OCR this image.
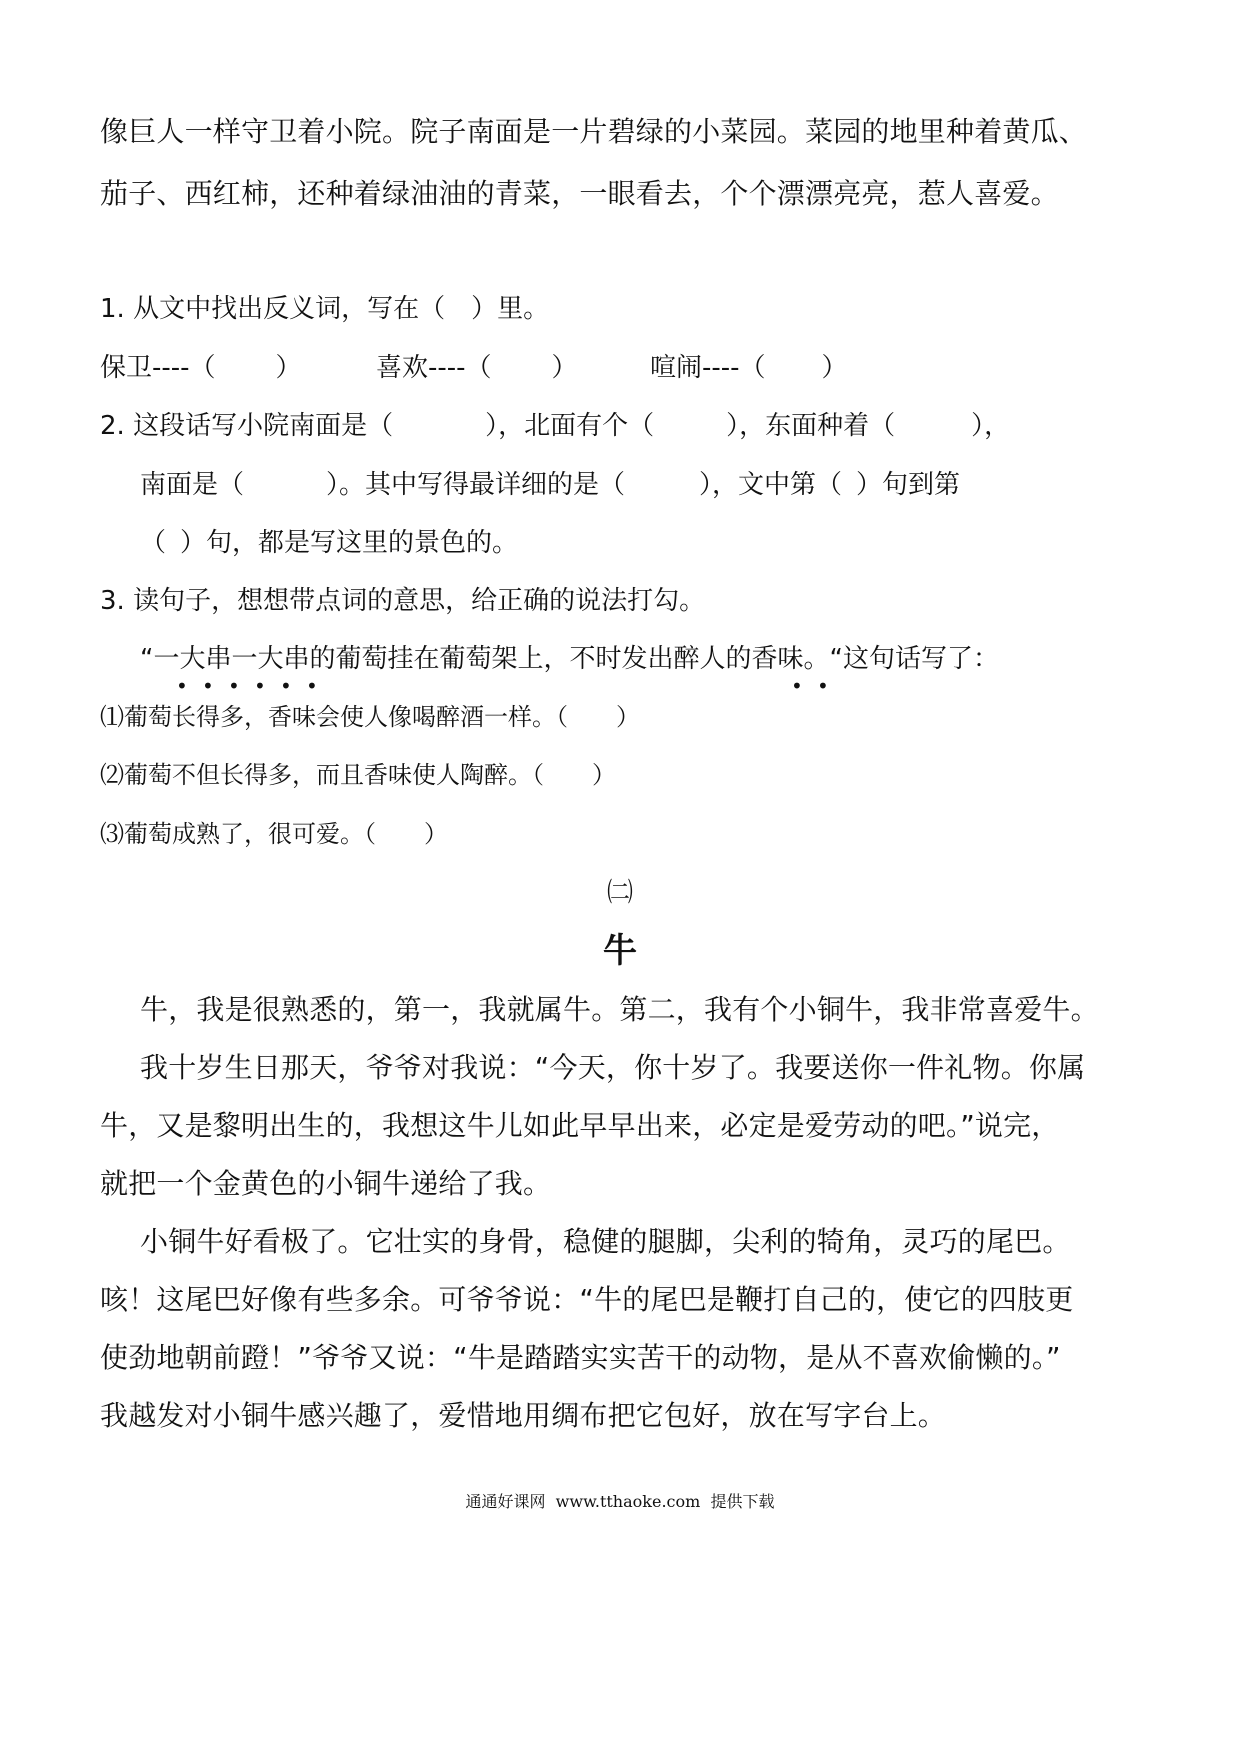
像巨人一样守卫着小院。院子南面是一片碧绿的小菜园。菜园的地里种着黄瓜、
茄子、西红柿，还种着绿油油的青菜，一眼看去，个个漂漂亮亮，惹人喜爱。
1. 从文中找出反义词，写在（ ）里。
保卫----（ ）	喜欢----（ ）	喧闹----（ ）
2. 这段话写小院南面是（	），北面有个（	），东面种着（	），
南面是（	）。其中写得最详细的是（	），文中第（ ）句到第
（ ）句，都是写这里的景色的。
3. 读句子，想想带点词的意思，给正确的说法打勾。
“一大串一大串的葡萄挂在葡萄架上，不时发出醉人的香味。“这句话写了：
• • • • • •	• •
⑴葡萄长得多，香味会使人像喝醉酒一样。（ ）
⑵葡萄不但长得多，而且香味使人陶醉。（ ）
⑶葡萄成熟了，很可爱。（ ）
㈡
牛
牛，我是很熟悉的，第一，我就属牛。第二，我有个小铜牛，我非常喜爱牛。
我十岁生日那天，爷爷对我说：“今天，你十岁了。我要送你一件礼物。你属
牛，又是黎明出生的，我想这牛儿如此早早出来，必定是爱劳动的吧。”说完，
就把一个金黄色的小铜牛递给了我。
小铜牛好看极了。它壮实的身骨，稳健的腿脚，尖利的犄角，灵巧的尾巴。
咳！这尾巴好像有些多余。可爷爷说：“牛的尾巴是鞭打自己的，使它的四肢更
使劲地朝前蹬！”爷爷又说：“牛是踏踏实实苦干的动物，是从不喜欢偷懒的。”
我越发对小铜牛感兴趣了，爱惜地用绸布把它包好，放在写字台上。
通通好课网  www.tthaoke.com  提供下载
